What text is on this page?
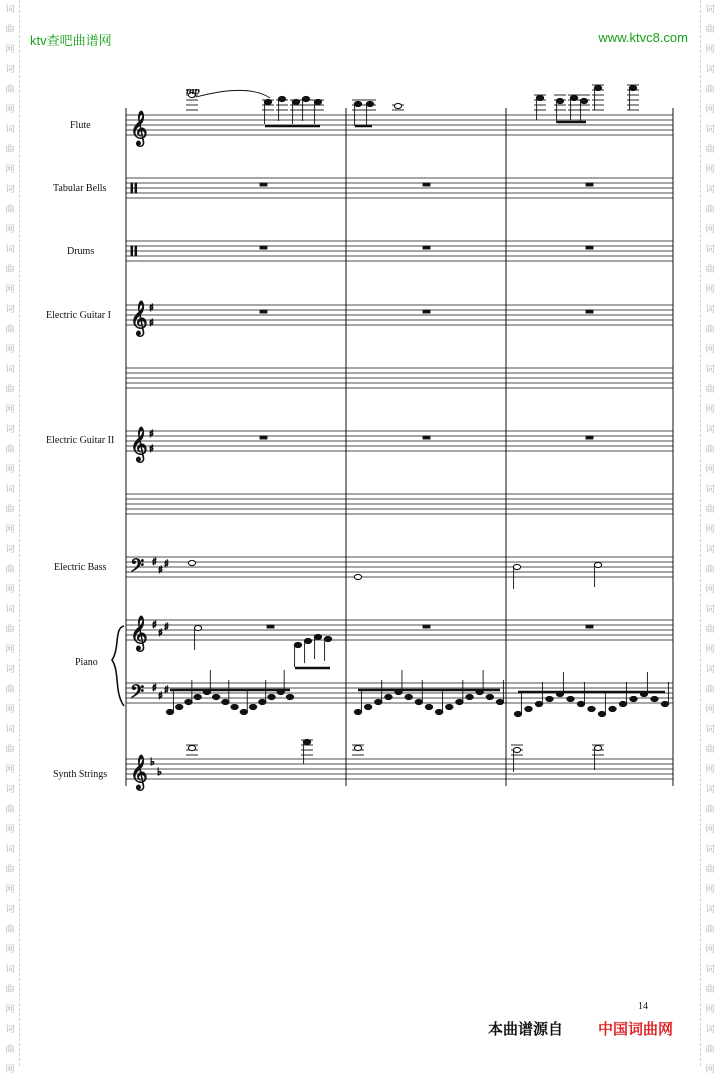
ktv查吧曲谱网	www.ktvc8.com
词
曲
网
词
曲
网
词
曲
网
词
曲
网
词
曲
网
词
曲
网
词
曲
网
词
曲
网
词
曲
网
词
曲
网
词
曲
网
词
曲
网
词
曲
网
词
曲
网
词
曲
网
词
曲
网
词
曲
网
词
曲
网
词
曲
网
词
曲
网
词
曲
网
词
曲
网
词
曲
网
词
曲
网
词
曲
网
词
曲
网
词
曲
网
词
曲
网
词
曲
网
词
曲
网
词
曲
网
词
曲
网
词
曲
网
词
曲
网
词
曲
网
词
曲
网
Flute
Tabular Bells
Drums
Electric Guitar I
Electric Guitar II
Electric Bass
Piano
Synth Strings
𝄞
𝄞
𝄞
𝄞
𝄞
𝄢
𝄢
♯
♯
♯
♯
♯
♯
♯
♯
♯
♯
♯
♯
♯
♭
♭
mp
14
本曲谱源自 中国词曲网
